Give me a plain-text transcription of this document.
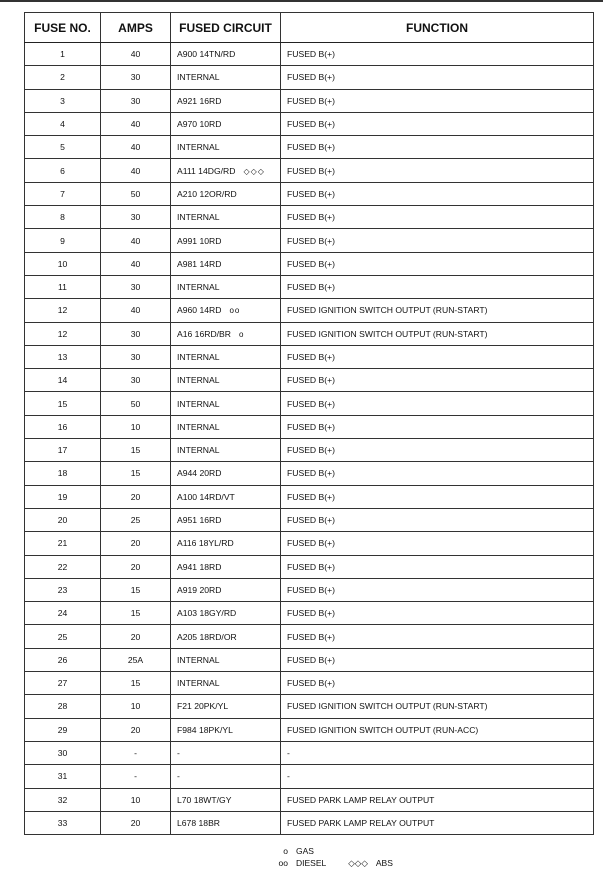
FUSE NO.	AMPS	FUSED CIRCUIT	FUNCTION
1	40	A900 14TN/RD	FUSED B(+)
2	30	INTERNAL	FUSED B(+)
3	30	A921 16RD	FUSED B(+)
4	40	A970 10RD	FUSED B(+)
5	40	INTERNAL	FUSED B(+)
6	40	A111 14DG/RD ◇◇◇	FUSED B(+)
7	50	A210 12OR/RD	FUSED B(+)
8	30	INTERNAL	FUSED B(+)
9	40	A991 10RD	FUSED B(+)
10	40	A981 14RD	FUSED B(+)
11	30	INTERNAL	FUSED B(+)
12	40	A960 14RD oo	FUSED IGNITION SWITCH OUTPUT (RUN-START)
12	30	A16 16RD/BR o	FUSED IGNITION SWITCH OUTPUT (RUN-START)
13	30	INTERNAL	FUSED B(+)
14	30	INTERNAL	FUSED B(+)
15	50	INTERNAL	FUSED B(+)
16	10	INTERNAL	FUSED B(+)
17	15	INTERNAL	FUSED B(+)
18	15	A944 20RD	FUSED B(+)
19	20	A100 14RD/VT	FUSED B(+)
20	25	A951 16RD	FUSED B(+)
21	20	A116 18YL/RD	FUSED B(+)
22	20	A941 18RD	FUSED B(+)
23	15	A919 20RD	FUSED B(+)
24	15	A103 18GY/RD	FUSED B(+)
25	20	A205 18RD/OR	FUSED B(+)
26	25A	INTERNAL	FUSED B(+)
27	15	INTERNAL	FUSED B(+)
28	10	F21 20PK/YL	FUSED IGNITION SWITCH OUTPUT (RUN-START)
29	20	F984 18PK/YL	FUSED IGNITION SWITCH OUTPUT (RUN-ACC)
30	-	-	-
31	-	-	-
32	10	L70 18WT/GY	FUSED PARK LAMP RELAY OUTPUT
33	20	L678 18BR	FUSED PARK LAMP RELAY OUTPUT
o GAS
oo DIESEL	◇◇◇ ABS
